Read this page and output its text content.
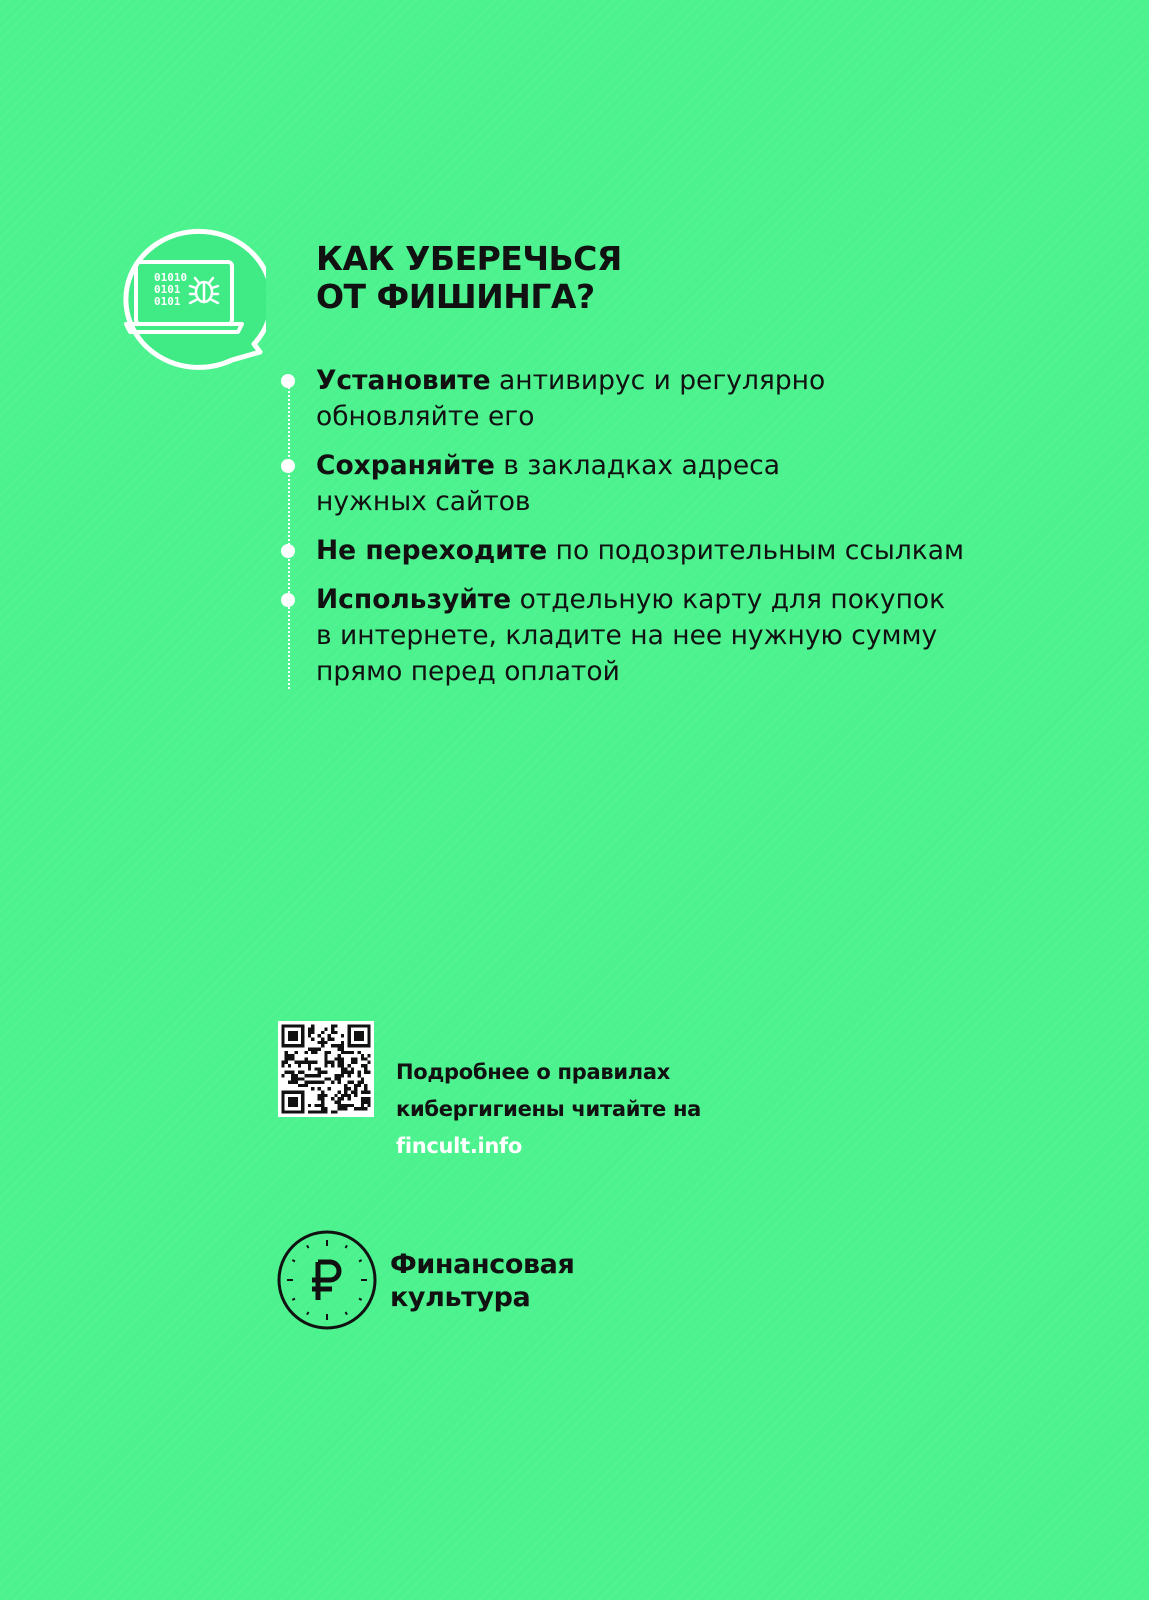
01010
0101
0101
КАК УБЕРЕЧЬСЯ
ОТ ФИШИНГА?
Установите антивирус и регулярно
обновляйте его
Сохраняйте в закладках адреса
нужных сайтов
Не переходите по подозрительным ссылкам
Используйте отдельную карту для покупок
в интернете, кладите на нее нужную сумму
прямо перед оплатой

Подробнее о правилах
кибергигиены читайте на
fincult.info

Финансовая
культура
